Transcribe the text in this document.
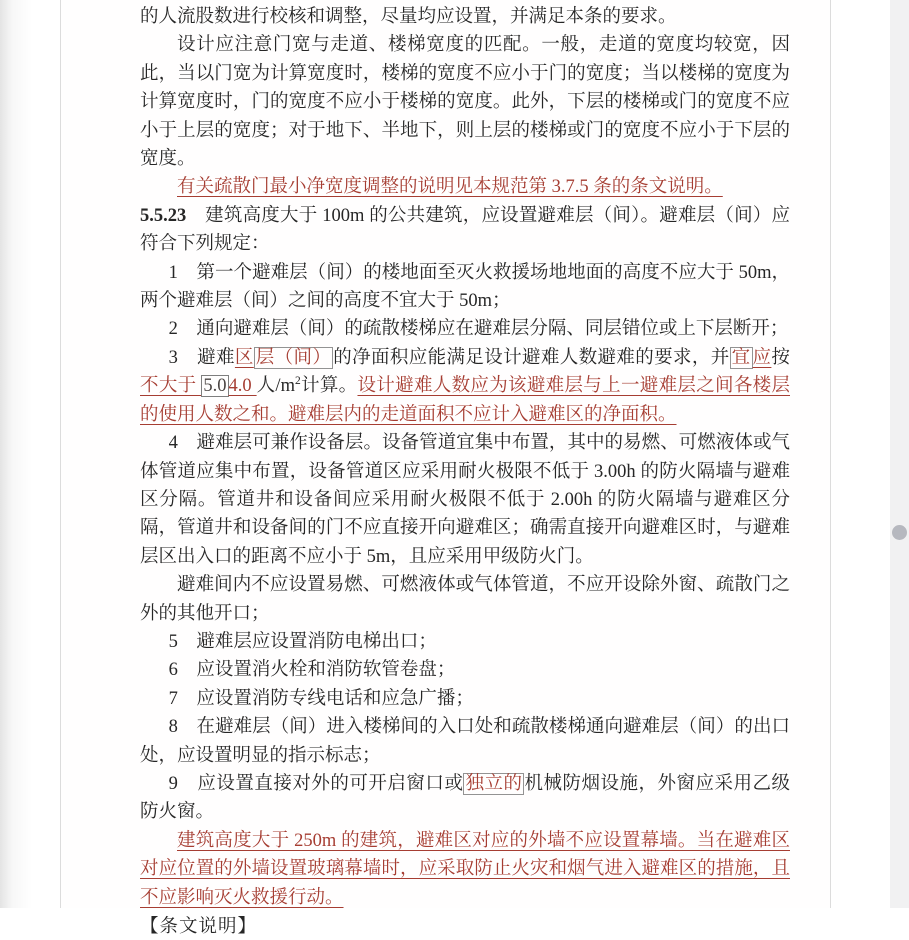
的人流股数进行校核和调整，尽量均应设置，并满足本条的要求。

设计应注意门宽与走道、楼梯宽度的匹配。一般，走道的宽度均较宽，因此，当以门宽为计算宽度时，楼梯的宽度不应小于门的宽度；当以楼梯的宽度为计算宽度时，门的宽度不应小于楼梯的宽度。此外，下层的楼梯或门的宽度不应小于上层的宽度；对于地下、半地下，则上层的楼梯或门的宽度不应小于下层的宽度。

有关疏散门最小净宽度调整的说明见本规范第 3.7.5 条的条文说明。

5.5.23　建筑高度大于 100m 的公共建筑，应设置避难层（间）。避难层（间）应符合下列规定：

1　第一个避难层（间）的楼地面至灭火救援场地地面的高度不应大于 50m，两个避难层（间）之间的高度不宜大于 50m；

2　通向避难层（间）的疏散楼梯应在避难层分隔、同层错位或上下层断开；

3　避难区 层（间） 的净面积应能满足设计避难人数避难的要求，并 宜 应按不大于 5.0 4.0 人$/m^2$计算。设计避难人数应为该避难层与上一避难层之间各楼层的使用人数之和。避难层内的走道面积不应计入避难区的净面积。

4　避难层可兼作设备层。设备管道宜集中布置，其中的易燃、可燃液体或气体管道应集中布置，设备管道区应采用耐火极限不低于 3.00h 的防火隔墙与避难区分隔。管道井和设备间应采用耐火极限不低于 2.00h 的防火隔墙与避难区分隔，管道井和设备间的门不应直接开向避难区；确需直接开向避难区时，与避难层区出入口的距离不应小于 5m，且应采用甲级防火门。

避难间内不应设置易燃、可燃液体或气体管道，不应开设除外窗、疏散门之外的其他开口；

5　避难层应设置消防电梯出口；

6　应设置消火栓和消防软管卷盘；

7　应设置消防专线电话和应急广播；

8　在避难层（间）进入楼梯间的入口处和疏散楼梯通向避难层（间）的出口处，应设置明显的指示标志；

9　应设置直接对外的可开启窗口或 独立的 机械防烟设施，外窗应采用乙级防火窗。

建筑高度大于 250m 的建筑，避难区对应的外墙不应设置幕墙。当在避难区对应位置的外墙设置玻璃幕墙时，应采取防止火灾和烟气进入避难区的措施，且不应影响灭火救援行动。

【条文说明】
